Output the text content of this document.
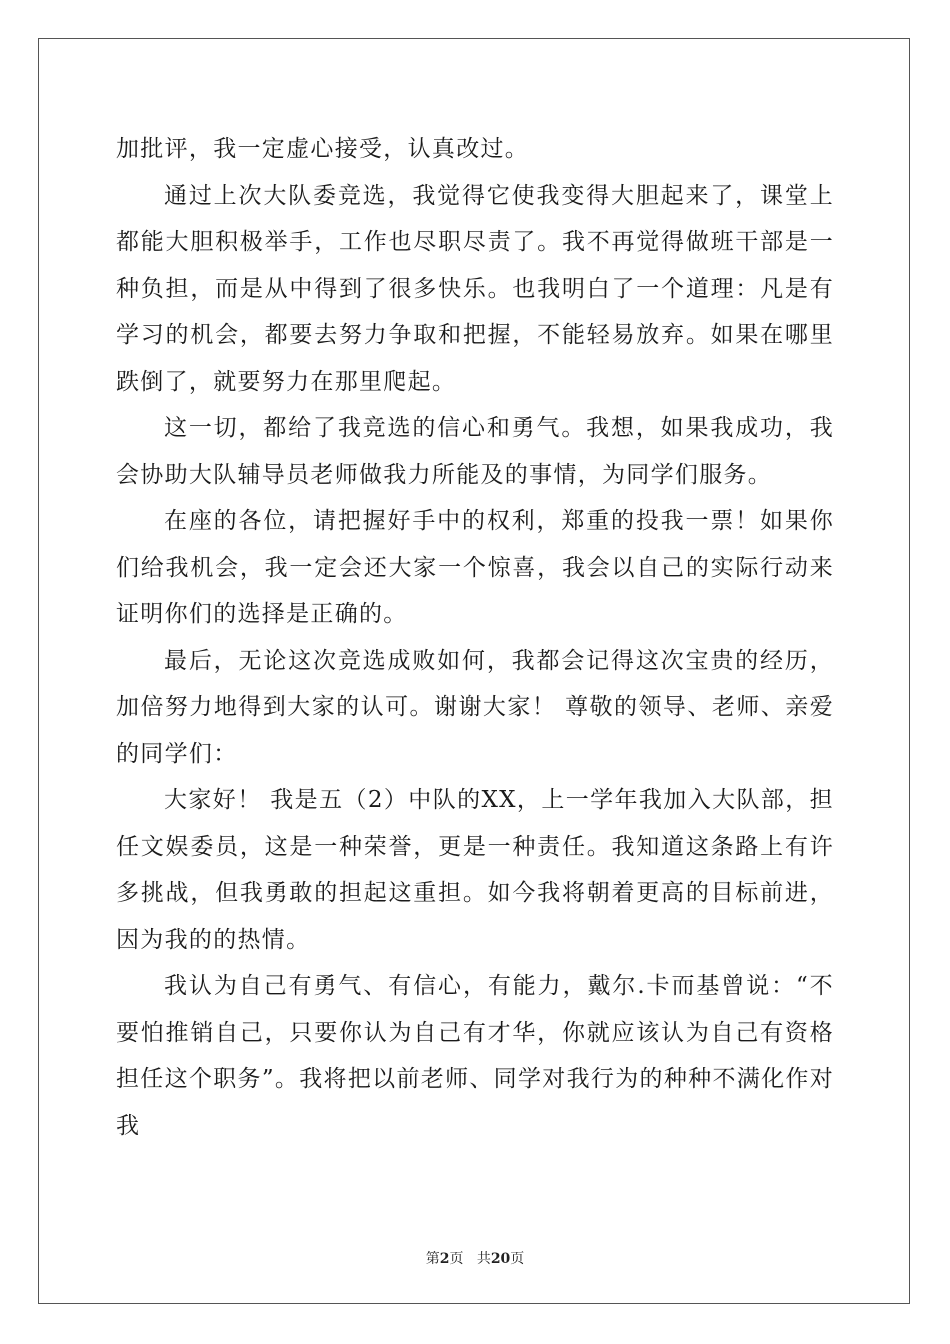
加批评，我一定虚心接受，认真改过。

通过上次大队委竞选，我觉得它使我变得大胆起来了，课堂上都能大胆积极举手，工作也尽职尽责了。我不再觉得做班干部是一种负担，而是从中得到了很多快乐。也我明白了一个道理：凡是有学习的机会，都要去努力争取和把握，不能轻易放弃。如果在哪里跌倒了，就要努力在那里爬起。

这一切，都给了我竞选的信心和勇气。我想，如果我成功，我会协助大队辅导员老师做我力所能及的事情，为同学们服务。

在座的各位，请把握好手中的权利，郑重的投我一票！如果你们给我机会，我一定会还大家一个惊喜，我会以自己的实际行动来证明你们的选择是正确的。

最后，无论这次竞选成败如何，我都会记得这次宝贵的经历，加倍努力地得到大家的认可。谢谢大家！ 尊敬的领导、老师、亲爱的同学们：

大家好！ 我是五（2）中队的XX，上一学年我加入大队部，担任文娱委员，这是一种荣誉，更是一种责任。我知道这条路上有许多挑战，但我勇敢的担起这重担。如今我将朝着更高的目标前进，因为我的的热情。

我认为自己有勇气、有信心，有能力，戴尔.卡而基曾说：“不要怕推销自己，只要你认为自己有才华，你就应该认为自己有资格担任这个职务”。我将把以前老师、同学对我行为的种种不满化作对我

第2页 共20页
